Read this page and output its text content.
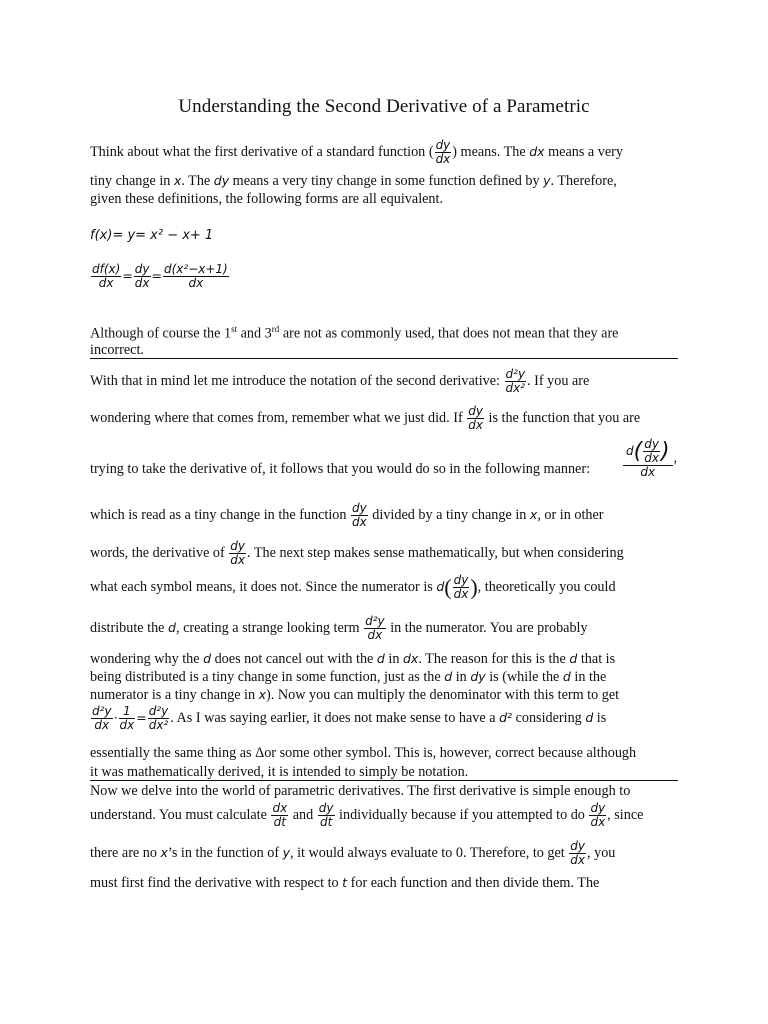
Understanding the Second Derivative of a Parametric
Think about what the first derivative of a standard function ( $\frac{dy}{dx}$ ) means. The dx means a very
tiny change in x. The dy means a very tiny change in some function defined by y. Therefore,
given these definitions, the following forms are all equivalent.
f(x)= y= x² − x+ 1
$\frac{df(x)}{dx} = \frac{dy}{dx} = \frac{\text{d(x²−x+1)}}{dx}$
Although of course the 1st and 3rd are not as commonly used, that does not mean that they are
incorrect.
With that in mind let me introduce the notation of the second derivative: $\frac{\text{d²y}}{\text{dx²}}$ . If you are
wondering where that comes from, remember what we just did. If $\frac{dy}{dx}$ is the function that you are
trying to take the derivative of, it follows that you would do so in the following manner:	$\frac{d( \frac{dy}{dx} )}{dx}$ ,
which is read as a tiny change in the function $\frac{dy}{dx}$ divided by a tiny change in x, or in other
words, the derivative of $\frac{dy}{dx}$ . The next step makes sense mathematically, but when considering
what each symbol means, it does not. Since the numerator is $d( \frac{dy}{dx}$ ), theoretically you could
distribute the d, creating a strange looking term $\frac{\text{d²y}}{dx}$ in the numerator. You are probably
wondering why the d does not cancel out with the d in dx. The reason for this is the d that is
being distributed is a tiny change in some function, just as the d in dy is (while the d in the
numerator is a tiny change in x). Now you can multiply the denominator with this term to get
$\frac{\text{d²y}}{dx} \cdot \frac{1}{dx} = \frac{\text{d²y}}{\text{dx²}}$ . As I was saying earlier, it does not make sense to have a d² considering d is
essentially the same thing as Δor some other symbol. This is, however, correct because although
it was mathematically derived, it is intended to simply be notation.
Now we delve into the world of parametric derivatives. The first derivative is simple enough to
understand. You must calculate $\frac{dx}{dt}$ and $\frac{dy}{dt}$ individually because if you attempted to do $\frac{dy}{dx}$ , since
there are no x’s in the function of y, it would always evaluate to 0. Therefore, to get $\frac{dy}{dx}$ , you
must first find the derivative with respect to t for each function and then divide them. The
